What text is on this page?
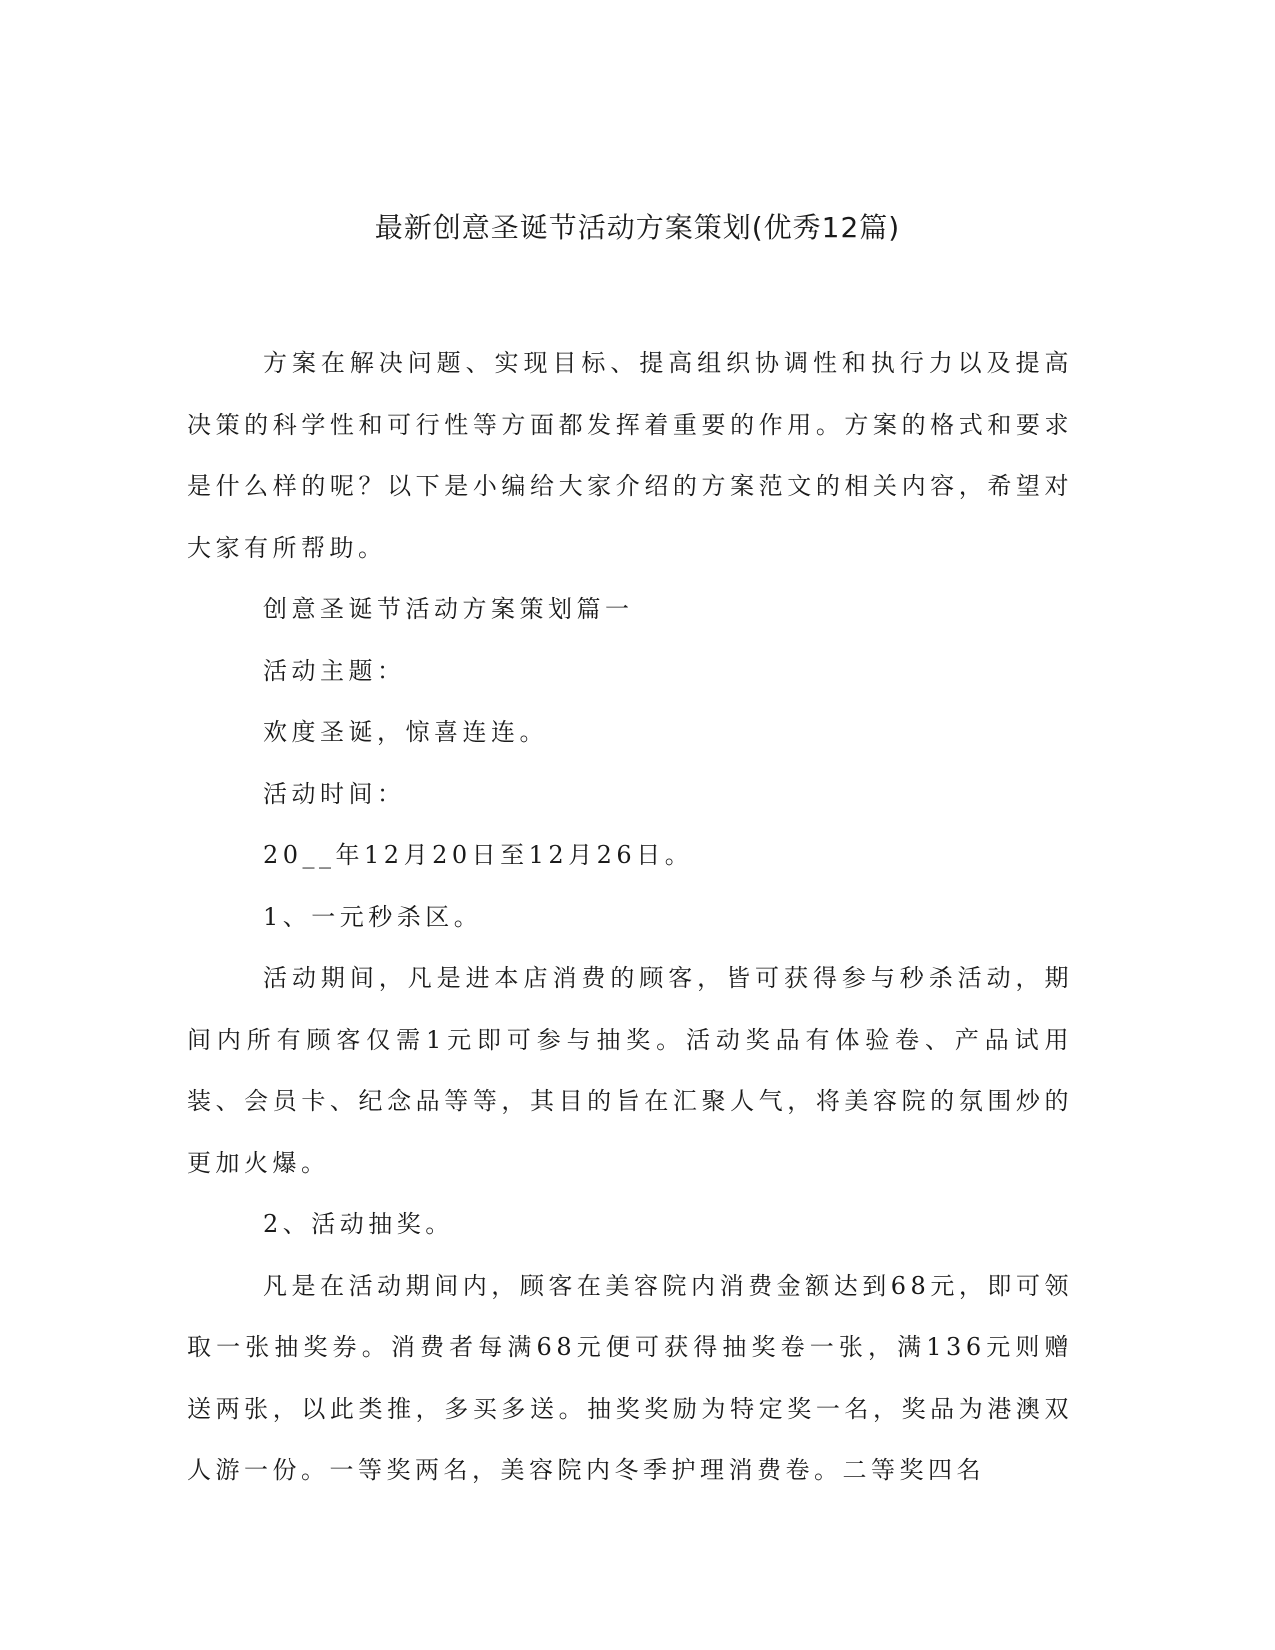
最新创意圣诞节活动方案策划(优秀12篇)

方案在解决问题、实现目标、提高组织协调性和执行力以及提高决策的科学性和可行性等方面都发挥着重要的作用。方案的格式和要求是什么样的呢？以下是小编给大家介绍的方案范文的相关内容，希望对大家有所帮助。

创意圣诞节活动方案策划篇一

活动主题：

欢度圣诞，惊喜连连。

活动时间：

20__年12月20日至12月26日。

1、一元秒杀区。

活动期间，凡是进本店消费的顾客，皆可获得参与秒杀活动，期间内所有顾客仅需1元即可参与抽奖。活动奖品有体验卷、产品试用装、会员卡、纪念品等等，其目的旨在汇聚人气，将美容院的氛围炒的更加火爆。

2、活动抽奖。

凡是在活动期间内，顾客在美容院内消费金额达到68元，即可领取一张抽奖券。消费者每满68元便可获得抽奖卷一张，满136元则赠送两张，以此类推，多买多送。抽奖奖励为特定奖一名，奖品为港澳双人游一份。一等奖两名，美容院内冬季护理消费卷。二等奖四名
